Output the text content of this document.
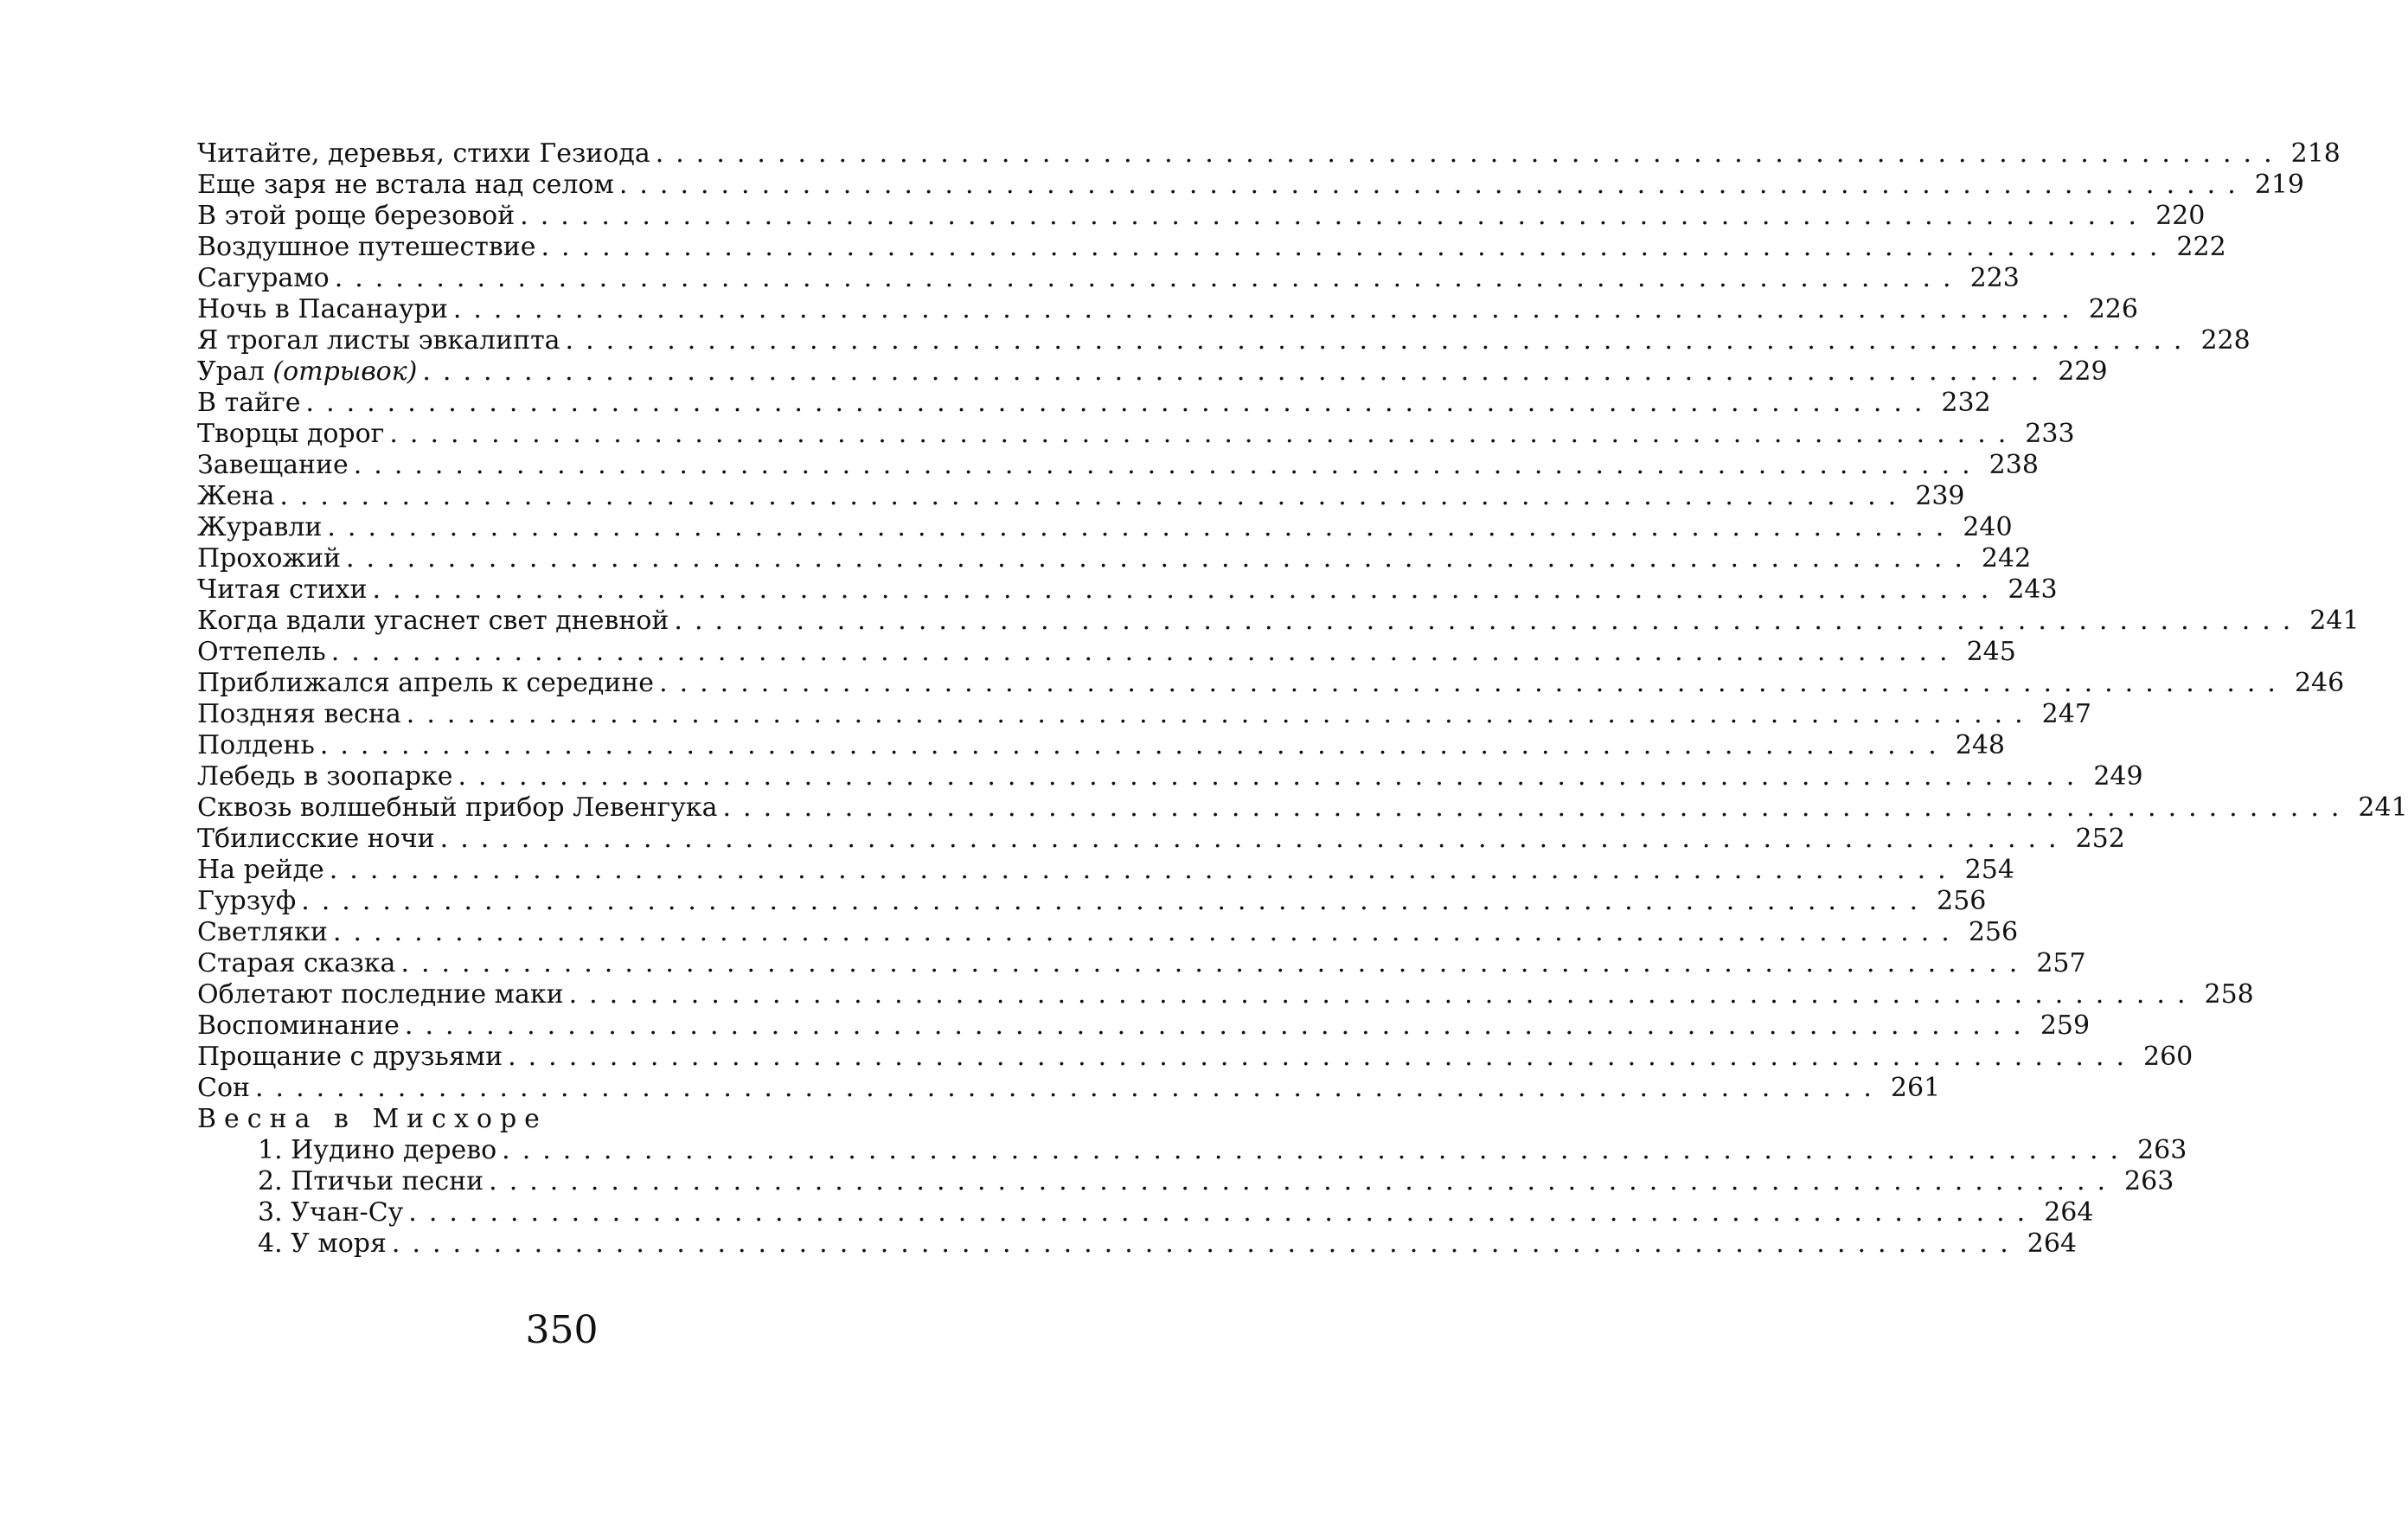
Читайте, деревья, стихи Гезиода ................................................................................ 218
Еще заря не встала над селом ................................................................................ 219
В этой роще березовой ................................................................................ 220
Воздушное путешествие ................................................................................ 222
Сагурамо ................................................................................ 223
Ночь в Пасанаури ................................................................................ 226
Я трогал листы эвкалипта ................................................................................ 228
Урал (отрывок) ................................................................................ 229
В тайге ................................................................................ 232
Творцы дорог ................................................................................ 233
Завещание ................................................................................ 238
Жена ................................................................................ 239
Журавли ................................................................................ 240
Прохожий ................................................................................ 242
Читая стихи ................................................................................ 243
Когда вдали угаснет свет дневной ................................................................................ 241
Оттепель ................................................................................ 245
Приближался апрель к середине ................................................................................ 246
Поздняя весна ................................................................................ 247
Полдень ................................................................................ 248
Лебедь в зоопарке ................................................................................ 249
Сквозь волшебный прибор Левенгука ................................................................................ 241
Тбилисские ночи ................................................................................ 252
На рейде ................................................................................ 254
Гурзуф ................................................................................ 256
Светляки ................................................................................ 256
Старая сказка ................................................................................ 257
Облетают последние маки ................................................................................ 258
Воспоминание ................................................................................ 259
Прощание с друзьями ................................................................................ 260
Сон ................................................................................ 261
Весна в Мисхоре
1. Иудино дерево ................................................................................ 263
2. Птичьи песни ................................................................................ 263
3. Учан-Су ................................................................................ 264
4. У моря ................................................................................ 264
350
